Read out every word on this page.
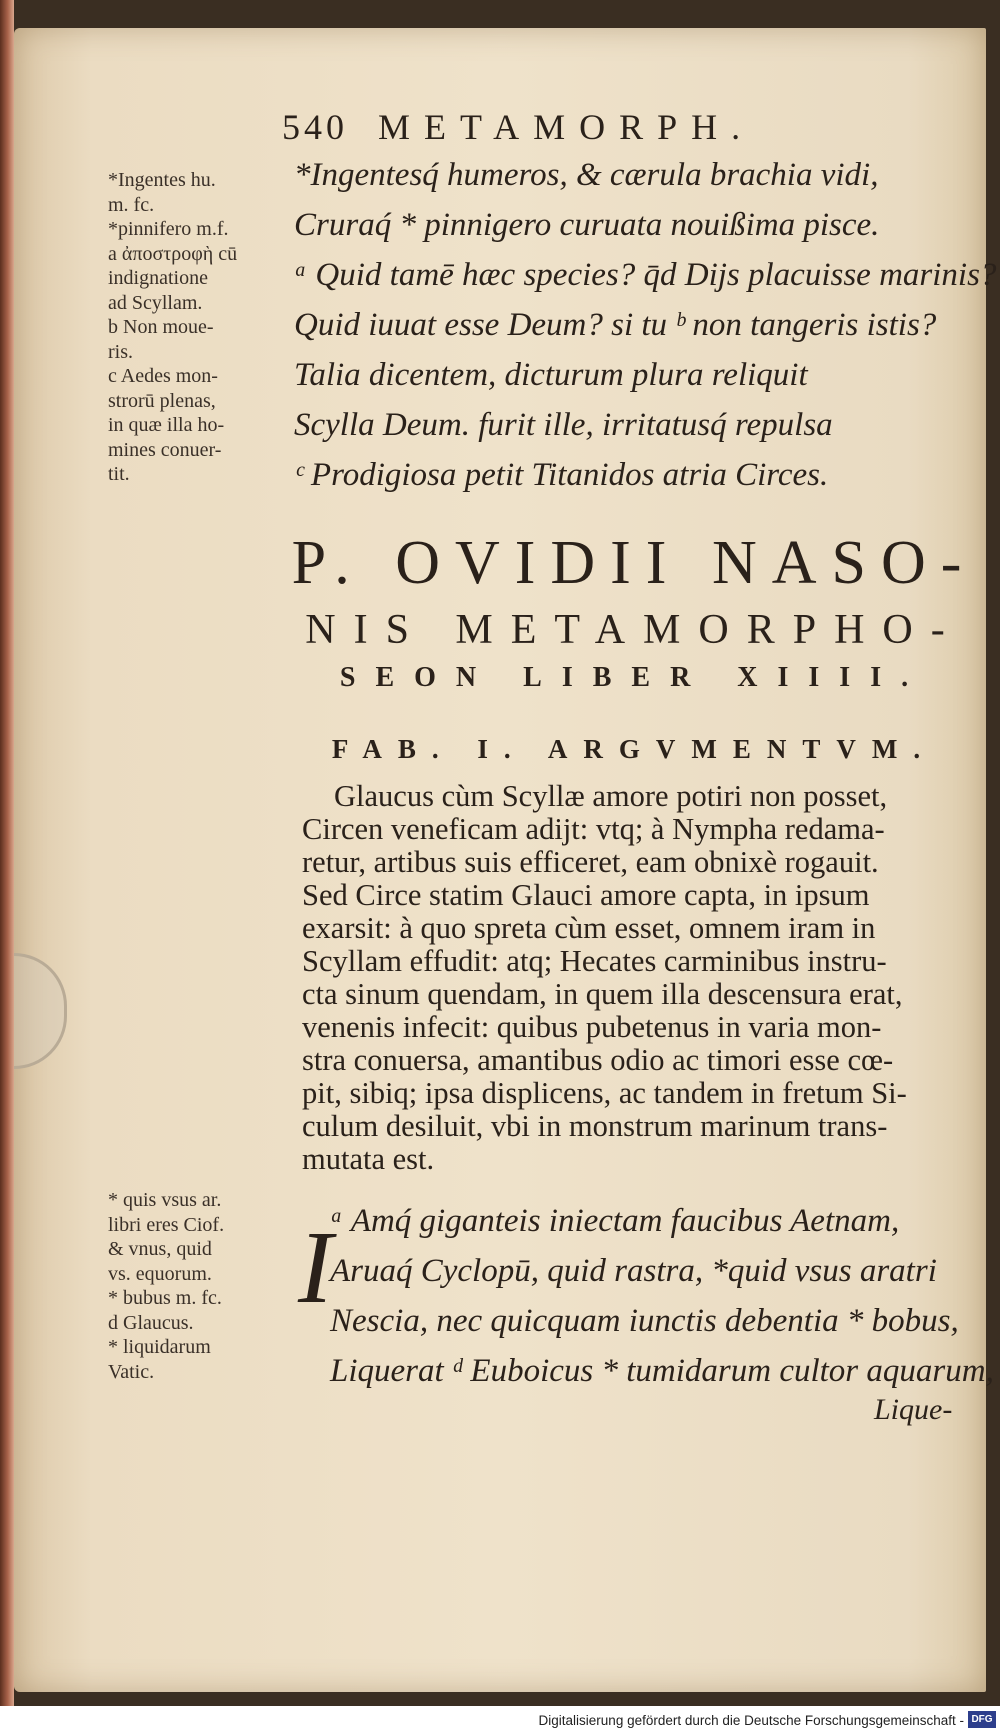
540 METAMORPH.
*Ingentes hu.
m. fc.
*pinnifero m.f.
a ἀποστροφὴ cū
indignatione
ad Scyllam.
b Non moue-
ris.
c Aedes mon-
strorū plenas,
in quæ illa ho-
mines conuer-
tit.
*Ingentesq́ humeros, & cærula brachia vidi,
Cruraq́ * pinnigero curuata nouißima pisce.
ᵃ Quid tamē hæc species? q̄d Dijs placuisse marinis?
Quid iuuat esse Deum? si tu ᵇ non tangeris istis?
Talia dicentem, dicturum plura reliquit
Scylla Deum. furit ille, irritatusq́ repulsa
ᶜ Prodigiosa petit Titanidos atria Circes.
P. OVIDII NASO-
NIS METAMORPHO-
SEON LIBER XIIII.
FAB. I. ARGVMENTVM.
Glaucus cùm Scyllæ amore potiri non posset,
Circen veneficam adijt: vtq; à Nympha redama-
retur, artibus suis efficeret, eam obnixè rogauit.
Sed Circe statim Glauci amore capta, in ipsum
exarsit: à quo spreta cùm esset, omnem iram in
Scyllam effudit: atq; Hecates carminibus instru-
cta sinum quendam, in quem illa descensura erat,
venenis infecit: quibus pubetenus in varia mon-
stra conuersa, amantibus odio ac timori esse cœ-
pit, sibiq; ipsa displicens, ac tandem in fretum Si-
culum desiluit, vbi in monstrum marinum trans-
mutata est.
* quis vsus ar.
libri eres Ciof.
& vnus, quid
vs. equorum.
* bubus m. fc.
d Glaucus.
* liquidarum
Vatic.
I
ᵃ Amq́ giganteis iniectam faucibus Aetnam,
Aruaq́ Cyclopū, quid rastra, *quid vsus aratri
Nescia, nec quicquam iunctis debentia * bobus,
Liquerat ᵈ Euboicus * tumidarum cultor aquarum,
Lique-
Digitalisierung gefördert durch die Deutsche Forschungsgemeinschaft - DFG
